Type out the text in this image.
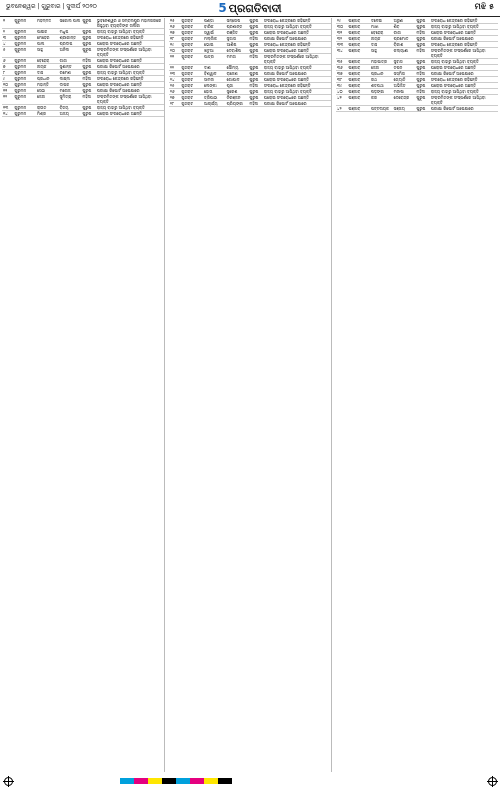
ଭୁବନେଶ୍ୱର | ଗୁରୁବାର | ସୁଦୀର୍ଘ ୨୦୨୦	5 ପ୍ରଗତିବାଦୀ	ମଝି ୫
୧	ଗୁରୁମନ	ମହମ୍ମଦ	ସକୋଲ ପାଲ	ପୁରୁଷ	ଭୁବନେଶ୍ୱର ଓ ସମ୍ବଲପୁର ମହାନଗରରେ ରହୁଥିବା ବ୍ୟକ୍ତିଙ୍କ ତାଲିକା
୨	ଗୁରୁମନ	ପାଇକ	ମଧୁପ	ପୁରୁଷ	ରାଜ୍ୟ ବାହାରୁ ଆସିଥିବା ବ୍ୟକ୍ତି
୩	ଗୁରୁମନ	ମେହେର	ଶ୍ରୀକାନ୍ତ	ପୁରୁଷ	ସଂଗରୋଧ କେନ୍ଦ୍ରରେ ରହିଛନ୍ତି
୪	ଗୁରୁମନ	ପାଲ	ପ୍ରଦୀପ	ପୁରୁଷ	ଘରୋଇ ସଂଗରୋଧରେ ଅଛନ୍ତି
୫	ଗୁରୁମନ	ସାହୁ	ଅନିଲ	ପୁରୁଷ	ସଂକ୍ରମିତଙ୍କ ସଂସ୍ପର୍ଶରେ ଆସିଥିବା ବ୍ୟକ୍ତି
୬	ଗୁରୁମନ	ବେହେରା	ଗୀତା	ମହିଳା	ଘରୋଇ ସଂଗରୋଧରେ ଅଛନ୍ତି
୭	ଗୁରୁମନ	ନାୟକ	ସୁଶାନ୍ତ	ପୁରୁଷ	ପରୀକ୍ଷା ରିପୋର୍ଟ ଅପେକ୍ଷାରେ
୮	ଗୁରୁମନ	ଦାସ	ରମେଶ	ପୁରୁଷ	ରାଜ୍ୟ ବାହାରୁ ଆସିଥିବା ବ୍ୟକ୍ତି
୯	ଗୁରୁମନ	ପ୍ରଧାନ	ଲକ୍ଷ୍ମୀ	ମହିଳା	ସଂଗରୋଧ କେନ୍ଦ୍ରରେ ରହିଛନ୍ତି
୧୦	ଗୁରୁମନ	ମହାନ୍ତି	ଦୀପକ	ପୁରୁଷ	ଘରୋଇ ସଂଗରୋଧରେ ଅଛନ୍ତି
୧୧	ଗୁରୁମନ	ସେଠୀ	ମନୋଜ	ପୁରୁଷ	ପରୀକ୍ଷା ରିପୋର୍ଟ ଅପେକ୍ଷାରେ
୧୨	ଗୁରୁମନ	ଜେନା	ସୁମିତ୍ରା	ମହିଳା	ସଂକ୍ରମିତଙ୍କ ସଂସ୍ପର୍ଶରେ ଆସିଥିବା ବ୍ୟକ୍ତି
୧୩	ଗୁରୁମନ	ରାଉତ	ବିଜୟ	ପୁରୁଷ	ରାଜ୍ୟ ବାହାରୁ ଆସିଥିବା ବ୍ୟକ୍ତି
୧୪	ଗୁରୁମନ	ମିଶ୍ର	ଅଜୟ	ପୁରୁଷ	ଘରୋଇ ସଂଗରୋଧରେ ଅଛନ୍ତି
୧୫	ଗୁଜରାଟ	ପଣ୍ଡା	ସନ୍ତୋଷ	ପୁରୁଷ	ସଂଗରୋଧ କେନ୍ଦ୍ରରେ ରହିଛନ୍ତି
୧୬	ଗୁଜରାଟ	ବାରିକ	ପ୍ରଶାନ୍ତ	ପୁରୁଷ	ରାଜ୍ୟ ବାହାରୁ ଆସିଥିବା ବ୍ୟକ୍ତି
୧୭	ଗୁଜରାଟ	ସ୍ୱାଇଁ	ରଞ୍ଜିତ	ପୁରୁଷ	ଘରୋଇ ସଂଗରୋଧରେ ଅଛନ୍ତି
୧୮	ଗୁଜରାଟ	ମଲ୍ଲିକ	ସୁଜାତା	ମହିଳା	ପରୀକ୍ଷା ରିପୋର୍ଟ ଅପେକ୍ଷାରେ
୧୯	ଗୁଜରାଟ	ଭୋଇ	ଆଶିଷ	ପୁରୁଷ	ସଂଗରୋଧ କେନ୍ଦ୍ରରେ ରହିଛନ୍ତି
୨୦	ଗୁଜରାଟ	ଖଟୁଆ	ଦେବାଶିଷ	ପୁରୁଷ	ଘରୋଇ ସଂଗରୋଧରେ ଅଛନ୍ତି
୨୧	ଗୁଜରାଟ	ପାତ୍ର	ମମତା	ମହିଳା	ସଂକ୍ରମିତଙ୍କ ସଂସ୍ପର୍ଶରେ ଆସିଥିବା ବ୍ୟକ୍ତି
୨୨	ଗୁଜରାଟ	ଦାଶ	ସୌମ୍ୟ	ପୁରୁଷ	ରାଜ୍ୟ ବାହାରୁ ଆସିଥିବା ବ୍ୟକ୍ତି
୨୩	ଗୁଜରାଟ	ବିଶ୍ୱାଳ	ରାଜେଶ	ପୁରୁଷ	ପରୀକ୍ଷା ରିପୋର୍ଟ ଅପେକ୍ଷାରେ
୨୪	ଗୁଜରାଟ	ସାମଲ	ଗୋପାଳ	ପୁରୁଷ	ଘରୋଇ ସଂଗରୋଧରେ ଅଛନ୍ତି
୨୫	ଗୁଜରାଟ	ଲେଙ୍କା	ପୂଜା	ମହିଳା	ସଂଗରୋଧ କେନ୍ଦ୍ରରେ ରହିଛନ୍ତି
୨୬	ଗୁଜରାଟ	ହୋତା	ସୁରେଶ	ପୁରୁଷ	ରାଜ୍ୟ ବାହାରୁ ଆସିଥିବା ବ୍ୟକ୍ତି
୨୭	ଗୁଜରାଟ	ତ୍ରିପାଠୀ	ନିରଞ୍ଜନ	ପୁରୁଷ	ଘରୋଇ ସଂଗରୋଧରେ ଅଛନ୍ତି
୨୮	ଗୁଜରାଟ	ଆଚାର୍ଯ୍ୟ	ପ୍ରିୟଙ୍କା	ମହିଳା	ପରୀକ୍ଷା ରିପୋର୍ଟ ଅପେକ୍ଷାରେ
୨୯	ପଞ୍ଜାବ	ଦଳେଇ	ଅରୁଣ	ପୁରୁଷ	ସଂଗରୋଧ କେନ୍ଦ୍ରରେ ରହିଛନ୍ତି
୩୦	ପଞ୍ଜାବ	ମାଝୀ	ଶିବ	ପୁରୁଷ	ରାଜ୍ୟ ବାହାରୁ ଆସିଥିବା ବ୍ୟକ୍ତି
୩୧	ପଞ୍ଜାବ	ବେହେରା	ରୀତା	ମହିଳା	ଘରୋଇ ସଂଗରୋଧରେ ଅଛନ୍ତି
୩୨	ପଞ୍ଜାବ	ନାୟକ	ପ୍ରମୋଦ	ପୁରୁଷ	ପରୀକ୍ଷା ରିପୋର୍ଟ ଅପେକ୍ଷାରେ
୩୩	ପଞ୍ଜାବ	ଦାସ	ବିକାଶ	ପୁରୁଷ	ସଂଗରୋଧ କେନ୍ଦ୍ରରେ ରହିଛନ୍ତି
୩୪	ପଞ୍ଜାବ	ସାହୁ	କଲ୍ୟାଣୀ	ମହିଳା	ସଂକ୍ରମିତଙ୍କ ସଂସ୍ପର୍ଶରେ ଆସିଥିବା ବ୍ୟକ୍ତି
୩୫	ପଞ୍ଜାବ	ମହାପାତ୍ର	ସୁବାସ	ପୁରୁଷ	ରାଜ୍ୟ ବାହାରୁ ଆସିଥିବା ବ୍ୟକ୍ତି
୩୬	ପଞ୍ଜାବ	ଜେନା	ତପନ	ପୁରୁଷ	ଘରୋଇ ସଂଗରୋଧରେ ଅଛନ୍ତି
୩୭	ପଞ୍ଜାବ	ପ୍ରଧାନ	ସସ୍ମିତା	ମହିଳା	ପରୀକ୍ଷା ରିପୋର୍ଟ ଅପେକ୍ଷାରେ
୩୮	ପଞ୍ଜାବ	ରଥ	ଜ୍ୟୋତି	ପୁରୁଷ	ସଂଗରୋଧ କେନ୍ଦ୍ରରେ ରହିଛନ୍ତି
୩୯	ପଞ୍ଜାବ	ଶତପଥୀ	ଅଭିଜିତ	ପୁରୁଷ	ଘରୋଇ ସଂଗରୋଧରେ ଅଛନ୍ତି
୪୦	ପଞ୍ଜାବ	ଷଡ଼ଙ୍ଗୀ	ମନୀଷା	ମହିଳା	ରାଜ୍ୟ ବାହାରୁ ଆସିଥିବା ବ୍ୟକ୍ତି
୪୧	ପଞ୍ଜାବ	କର	ଦେବେନ୍ଦ୍ର	ପୁରୁଷ	ସଂକ୍ରମିତଙ୍କ ସଂସ୍ପର୍ଶରେ ଆସିଥିବା ବ୍ୟକ୍ତି
୪୨	ପଞ୍ଜାବ	ପଟ୍ଟନାୟକ	ସଞ୍ଜୟ	ପୁରୁଷ	ପରୀକ୍ଷା ରିପୋର୍ଟ ଅପେକ୍ଷାରେ
